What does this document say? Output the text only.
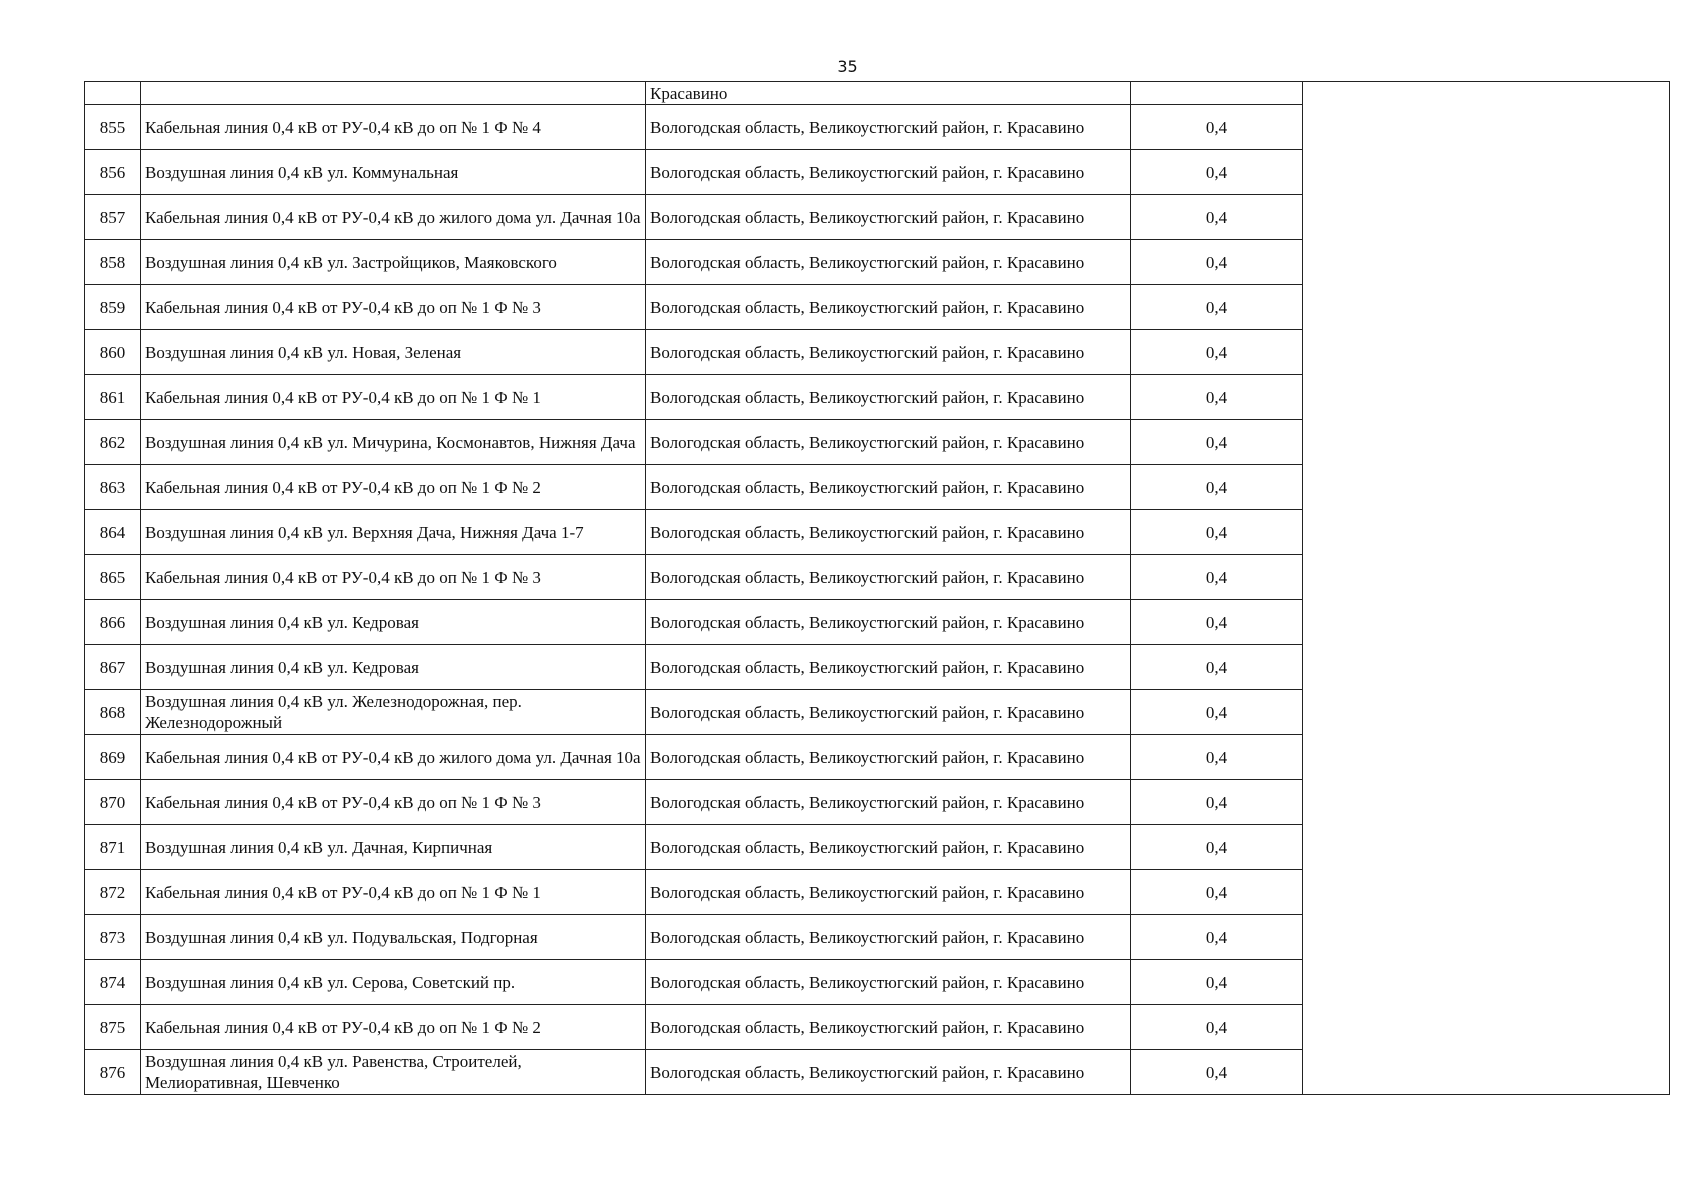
35
		Красавино		
855	Кабельная линия 0,4 кВ от РУ-0,4 кВ до оп № 1 Ф № 4	Вологодская область, Великоустюгский район, г. Красавино	0,4	
856	Воздушная линия 0,4 кВ ул. Коммунальная	Вологодская область, Великоустюгский район, г. Красавино	0,4	
857	Кабельная линия 0,4 кВ от РУ-0,4 кВ до жилого дома ул. Дачная 10а	Вологодская область, Великоустюгский район, г. Красавино	0,4	
858	Воздушная линия 0,4 кВ ул. Застройщиков, Маяковского	Вологодская область, Великоустюгский район, г. Красавино	0,4	
859	Кабельная линия 0,4 кВ от РУ-0,4 кВ до оп № 1 Ф № 3	Вологодская область, Великоустюгский район, г. Красавино	0,4	
860	Воздушная линия 0,4 кВ ул. Новая, Зеленая	Вологодская область, Великоустюгский район, г. Красавино	0,4	
861	Кабельная линия 0,4 кВ от РУ-0,4 кВ до оп № 1 Ф № 1	Вологодская область, Великоустюгский район, г. Красавино	0,4	
862	Воздушная линия 0,4 кВ ул. Мичурина, Космонавтов, Нижняя Дача	Вологодская область, Великоустюгский район, г. Красавино	0,4	
863	Кабельная линия 0,4 кВ от РУ-0,4 кВ до оп № 1 Ф № 2	Вологодская область, Великоустюгский район, г. Красавино	0,4	
864	Воздушная линия 0,4 кВ ул. Верхняя Дача, Нижняя Дача 1-7	Вологодская область, Великоустюгский район, г. Красавино	0,4	
865	Кабельная линия 0,4 кВ от РУ-0,4 кВ до оп № 1 Ф № 3	Вологодская область, Великоустюгский район, г. Красавино	0,4	
866	Воздушная линия 0,4 кВ ул. Кедровая	Вологодская область, Великоустюгский район, г. Красавино	0,4	
867	Воздушная линия 0,4 кВ ул. Кедровая	Вологодская область, Великоустюгский район, г. Красавино	0,4	
868	Воздушная линия 0,4 кВ ул. Железнодорожная, пер. Железнодорожный	Вологодская область, Великоустюгский район, г. Красавино	0,4	
869	Кабельная линия 0,4 кВ от РУ-0,4 кВ до жилого дома ул. Дачная 10а	Вологодская область, Великоустюгский район, г. Красавино	0,4	
870	Кабельная линия 0,4 кВ от РУ-0,4 кВ до оп № 1 Ф № 3	Вологодская область, Великоустюгский район, г. Красавино	0,4	
871	Воздушная линия 0,4 кВ ул. Дачная, Кирпичная	Вологодская область, Великоустюгский район, г. Красавино	0,4	
872	Кабельная линия 0,4 кВ от РУ-0,4 кВ до оп № 1 Ф № 1	Вологодская область, Великоустюгский район, г. Красавино	0,4	
873	Воздушная линия 0,4 кВ ул. Подувальская, Подгорная	Вологодская область, Великоустюгский район, г. Красавино	0,4	
874	Воздушная линия 0,4 кВ ул. Серова, Советский пр.	Вологодская область, Великоустюгский район, г. Красавино	0,4	
875	Кабельная линия 0,4 кВ от РУ-0,4 кВ до оп № 1 Ф № 2	Вологодская область, Великоустюгский район, г. Красавино	0,4	
876	Воздушная линия 0,4 кВ ул. Равенства, Строителей, Мелиоративная, Шевченко	Вологодская область, Великоустюгский район, г. Красавино	0,4	
